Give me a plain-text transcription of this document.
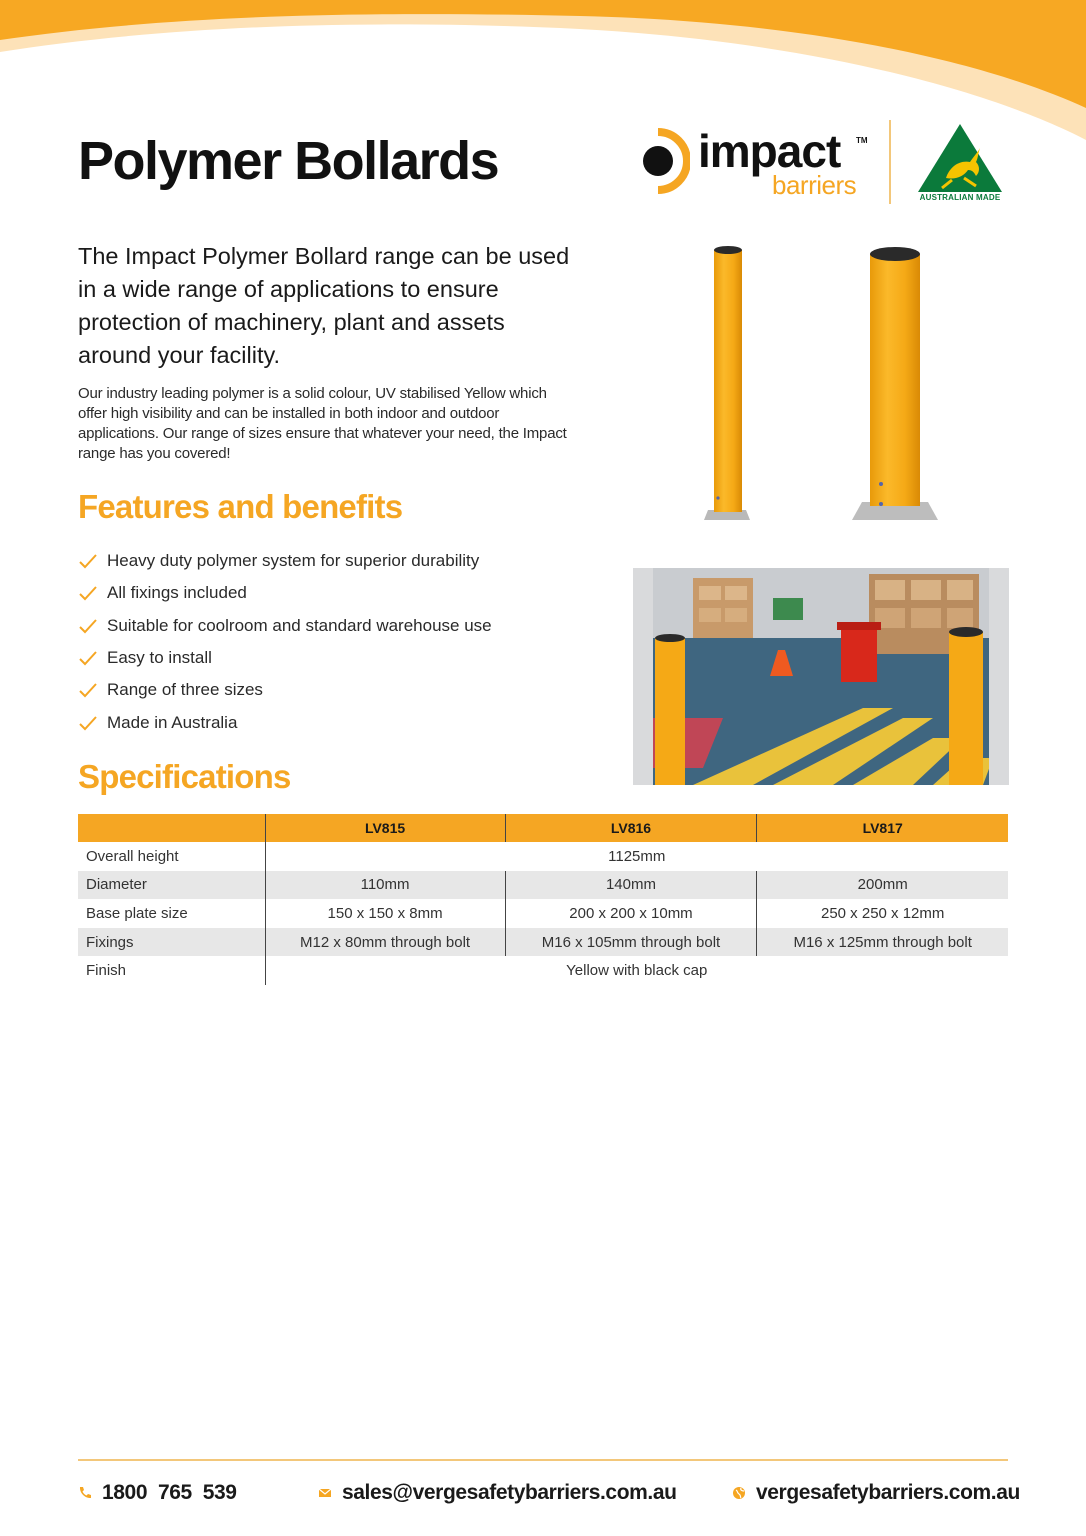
Polymer Bollards	impact TM
barriers	AUSTRALIAN MADE
The Impact Polymer Bollard range can be used in a wide range of applications to ensure protection of machinery, plant and assets around your facility.
Our industry leading polymer is a solid colour, UV stabilised Yellow which offer high visibility and can be installed in both indoor and outdoor applications. Our range of sizes ensure that whatever your need, the Impact range has you covered!
Features and benefits
Heavy duty polymer system for superior durability
All fixings included
Suitable for coolroom and standard warehouse use
Easy to install
Range of three sizes
Made in Australia
Specifications
	LV815	LV816	LV817
Overall height	1125mm		
Diameter	110mm	140mm	200mm
Base plate size	150 x 150 x 8mm	200 x 200 x 10mm	250 x 250 x 12mm
Fixings	M12 x 80mm through bolt	M16 x 105mm through bolt	M16 x 125mm through bolt
Finish	Yellow with black cap		
1800  765  539	sales@vergesafetybarriers.com.au	vergesafetybarriers.com.au
